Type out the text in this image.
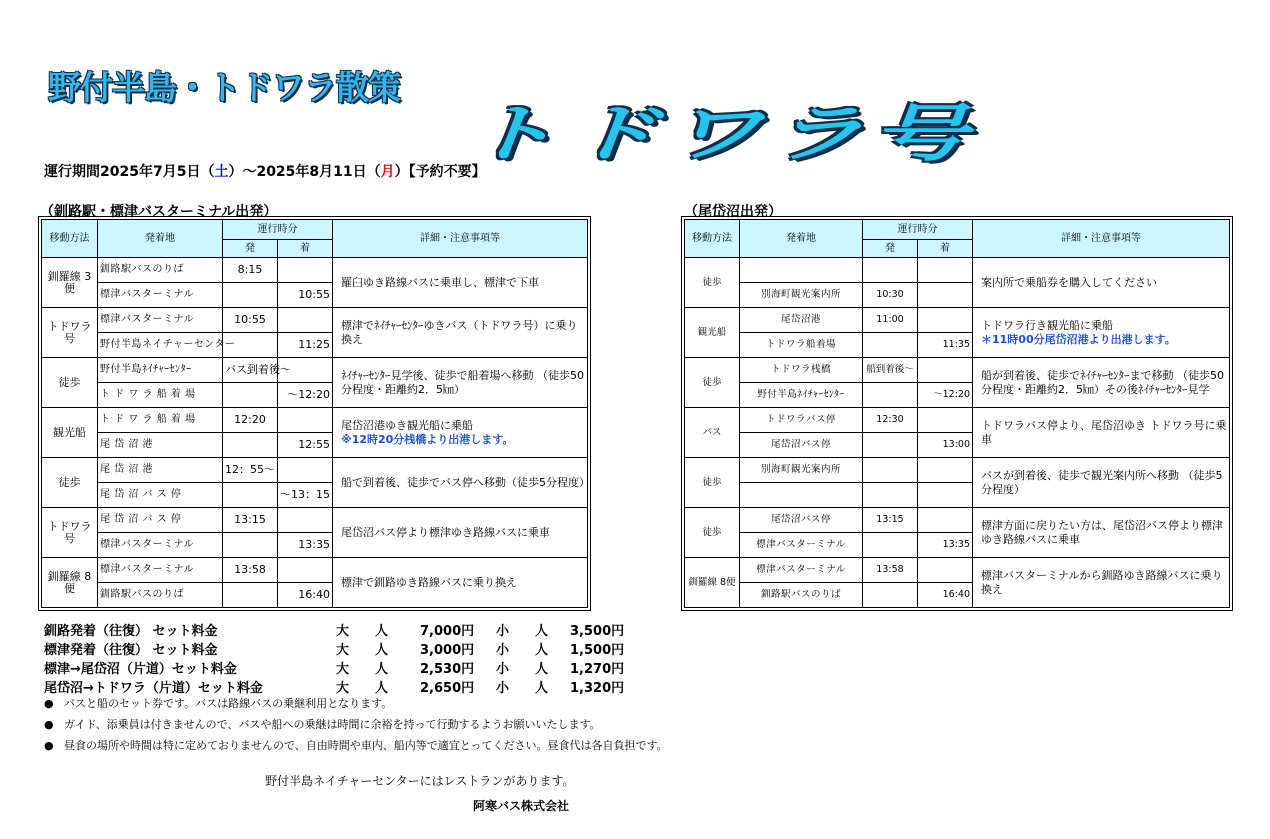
野付半島・トドワラ散策
トドワラ号
運行期間2025年7月5日（土）～2025年8月11日（月）【予約不要】
（釧路駅・標津バスターミナル出発）	（尾岱沼出発）
移動方法	発着地	運行時分		詳細・注意事項等
		発	着	
釧羅線 3便	釧路駅バスのりば	8:15		羅臼ゆき路線バスに乗車し、標津で下車

	標津バスターミナル		10:55	
トドワラ号	標津バスターミナル	10:55		標津でﾈｲﾁｬｰｾﾝﾀｰゆきバス（トドワラ号）に乗り換え

	野付半島ネイチャーセンター		11:25	
徒歩	野付半島ﾈｲﾁｬｰｾﾝﾀｰ	バス到着後～		ﾈｲﾁｬｰｾﾝﾀｰ見学後、徒歩で船着場へ移動 （徒歩50分程度・距離約2．5㎞）

	ト ド ワ ラ 船 着 場		～12:20	
観光船	ト ド ワ ラ 船 着 場	12:20		尾岱沼港ゆき観光船に乗船
※12時20分桟橋より出港します。

	尾 岱 沼 港		12:55	
徒歩	尾 岱 沼 港	12：55～		船で到着後、徒歩でバス停へ移動（徒歩5分程度）

	尾 岱 沼 バ ス 停		～13：15	
トドワラ号	尾 岱 沼 バ ス 停	13:15		尾岱沼バス停より標津ゆき路線バスに乗車

	標津バスターミナル		13:35	
釧羅線 8便	標津バスターミナル	13:58		標津で釧路ゆき路線バスに乗り換え

	釧路駅バスのりば		16:40	
移動方法	発着地	運行時分		詳細・注意事項等
		発	着	
徒歩				案内所で乗船券を購入してください

	別海町観光案内所	10:30		
観光船	尾岱沼港	11:00		トドワラ行き観光船に乗船
＊11時00分尾岱沼港より出港します。

	トドワラ船着場		11:35	
徒歩	トドワラ桟橋	船到着後～		船が到着後、徒歩でﾈｲﾁｬｰｾﾝﾀｰまで移動 （徒歩50分程度・距離約2．5㎞）その後ﾈｲﾁｬｰｾﾝﾀｰ見学

	野付半島ﾈｲﾁｬｰｾﾝﾀｰ		～12:20	
バス	トドワラバス停	12:30		トドワラバス停より、尾岱沼ゆき トドワラ号に乗車

	尾岱沼バス停		13:00	
徒歩	別海町観光案内所			バスが到着後、徒歩で観光案内所へ移動 （徒歩5分程度）

徒歩	尾岱沼バス停	13:15		標津方面に戻りたい方は、尾岱沼バス停より標津ゆき路線バスに乗車

	標津バスターミナル		13:35	
釧羅線 8便	標津バスターミナル	13:58		標津バスターミナルから釧路ゆき路線バスに乗り換え

	釧路駅バスのりば		16:40	
釧路発着（往復） セット料金	大　　人 7,000円 小　　人 3,500円
標津発着（往復） セット料金	大　　人 3,000円 小　　人 1,500円
標津→尾岱沼（片道）セット料金	大　　人 2,530円 小　　人 1,270円
尾岱沼→トドワラ（片道）セット料金	大　　人 2,650円 小　　人 1,320円
● バスと船のセット券です。バスは路線バスの乗継利用となります。
● ガイド、添乗員は付きませんので、バスや船への乗継は時間に余裕を持って行動するようお願いいたします。
● 昼食の場所や時間は特に定めておりませんので、自由時間や車内、船内等で適宜とってください。昼食代は各自負担です。
野付半島ネイチャーセンターにはレストランがあります。
阿寒バス株式会社
